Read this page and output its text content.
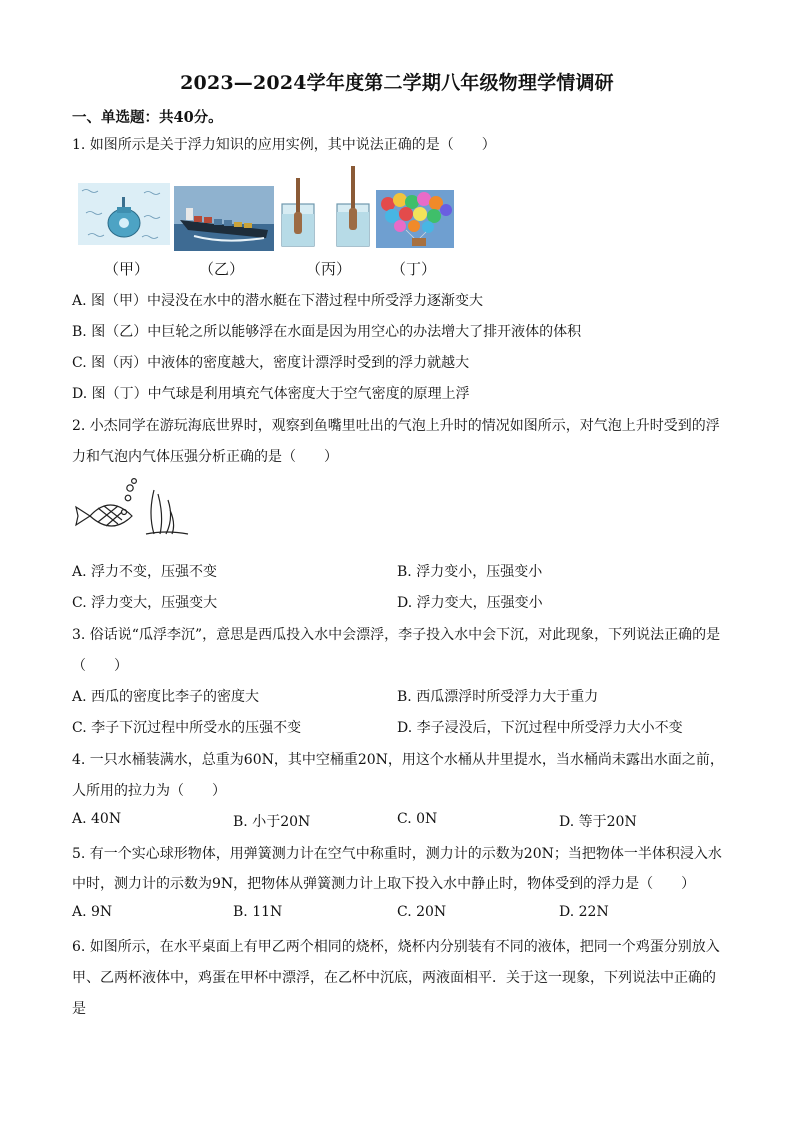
2023—2024学年度第二学期八年级物理学情调研
一、单选题：共40分。
1. 如图所示是关于浮力知识的应用实例，其中说法正确的是（　　）
（甲）	（乙）	（丙）	（丁）
A. 图（甲）中浸没在水中的潜水艇在下潜过程中所受浮力逐渐变大
B. 图（乙）中巨轮之所以能够浮在水面是因为用空心的办法增大了排开液体的体积
C. 图（丙）中液体的密度越大，密度计漂浮时受到的浮力就越大
D. 图（丁）中气球是利用填充气体密度大于空气密度的原理上浮
2. 小杰同学在游玩海底世界时，观察到鱼嘴里吐出的气泡上升时的情况如图所示，对气泡上升时受到的浮
力和气泡内气体压强分析正确的是（　　）
A. 浮力不变，压强不变	B. 浮力变小，压强变小
C. 浮力变大，压强变大	D. 浮力变大，压强变小
3. 俗话说“瓜浮李沉”，意思是西瓜投入水中会漂浮，李子投入水中会下沉，对此现象，下列说法正确的是
（　　）
A. 西瓜的密度比李子的密度大	B. 西瓜漂浮时所受浮力大于重力
C. 李子下沉过程中所受水的压强不变	D. 李子浸没后，下沉过程中所受浮力大小不变
4. 一只水桶装满水，总重为60N，其中空桶重20N，用这个水桶从井里提水，当水桶尚未露出水面之前，
人所用的拉力为（　　）
A. 40N	B. 小于20N	C. 0N	D. 等于20N
5. 有一个实心球形物体，用弹簧测力计在空气中称重时，测力计的示数为20N；当把物体一半体积浸入水
中时，测力计的示数为9N，把物体从弹簧测力计上取下投入水中静止时，物体受到的浮力是（　　）
A. 9N	B. 11N	C. 20N	D. 22N
6. 如图所示，在水平桌面上有甲乙两个相同的烧杯，烧杯内分别装有不同的液体，把同一个鸡蛋分别放入
甲、乙两杯液体中，鸡蛋在甲杯中漂浮，在乙杯中沉底，两液面相平．关于这一现象，下列说法中正确的
是
